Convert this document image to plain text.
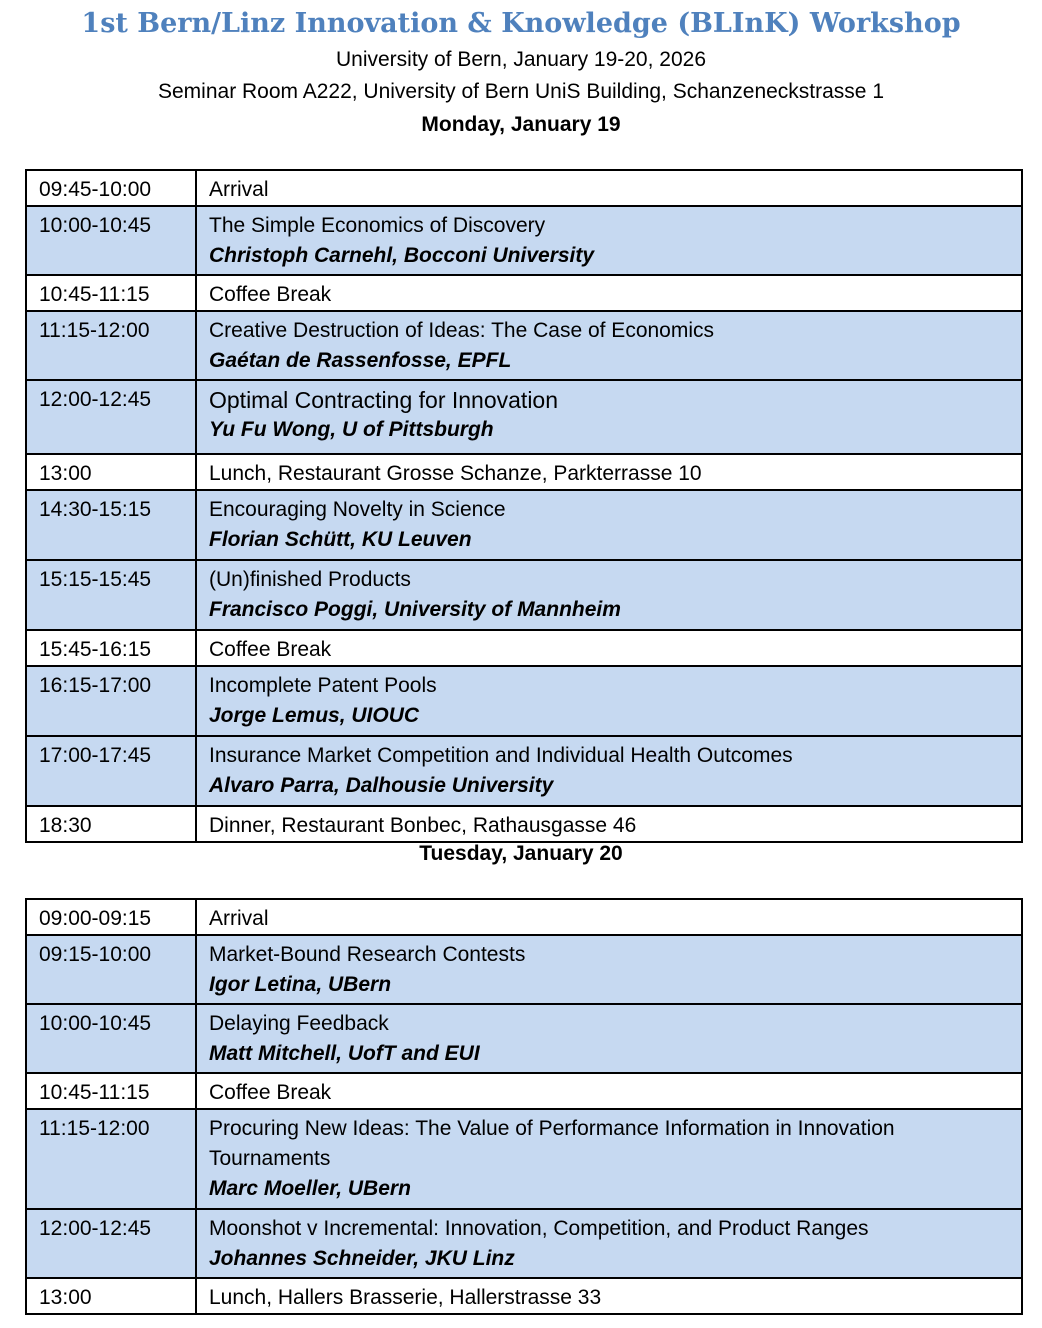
1st Bern/Linz Innovation & Knowledge (BLInK) Workshop
University of Bern, January 19-20, 2026
Seminar Room A222, University of Bern UniS Building, Schanzeneckstrasse 1
Monday, January 19
09:45-10:00	Arrival

10:00-10:45	The Simple Economics of Discovery
Christoph Carnehl, Bocconi University

10:45-11:15	Coffee Break

11:15-12:00	Creative Destruction of Ideas: The Case of Economics
Gaétan de Rassenfosse, EPFL

12:00-12:45	Optimal Contracting for Innovation
Yu Fu Wong, U of Pittsburgh

13:00	Lunch, Restaurant Grosse Schanze, Parkterrasse 10

14:30-15:15	Encouraging Novelty in Science
Florian Schütt, KU Leuven

15:15-15:45	(Un)finished Products
Francisco Poggi, University of Mannheim

15:45-16:15	Coffee Break

16:15-17:00	Incomplete Patent Pools
Jorge Lemus, UIOUC

17:00-17:45	Insurance Market Competition and Individual Health Outcomes
Alvaro Parra, Dalhousie University

18:30	Dinner, Restaurant Bonbec, Rathausgasse 46
Tuesday, January 20
09:00-09:15	Arrival

09:15-10:00	Market-Bound Research Contests
Igor Letina, UBern

10:00-10:45	Delaying Feedback
Matt Mitchell, UofT and EUI

10:45-11:15	Coffee Break

11:15-12:00	Procuring New Ideas: The Value of Performance Information in Innovation Tournaments
Marc Moeller, UBern

12:00-12:45	Moonshot v Incremental: Innovation, Competition, and Product Ranges
Johannes Schneider, JKU Linz

13:00	Lunch, Hallers Brasserie, Hallerstrasse 33
